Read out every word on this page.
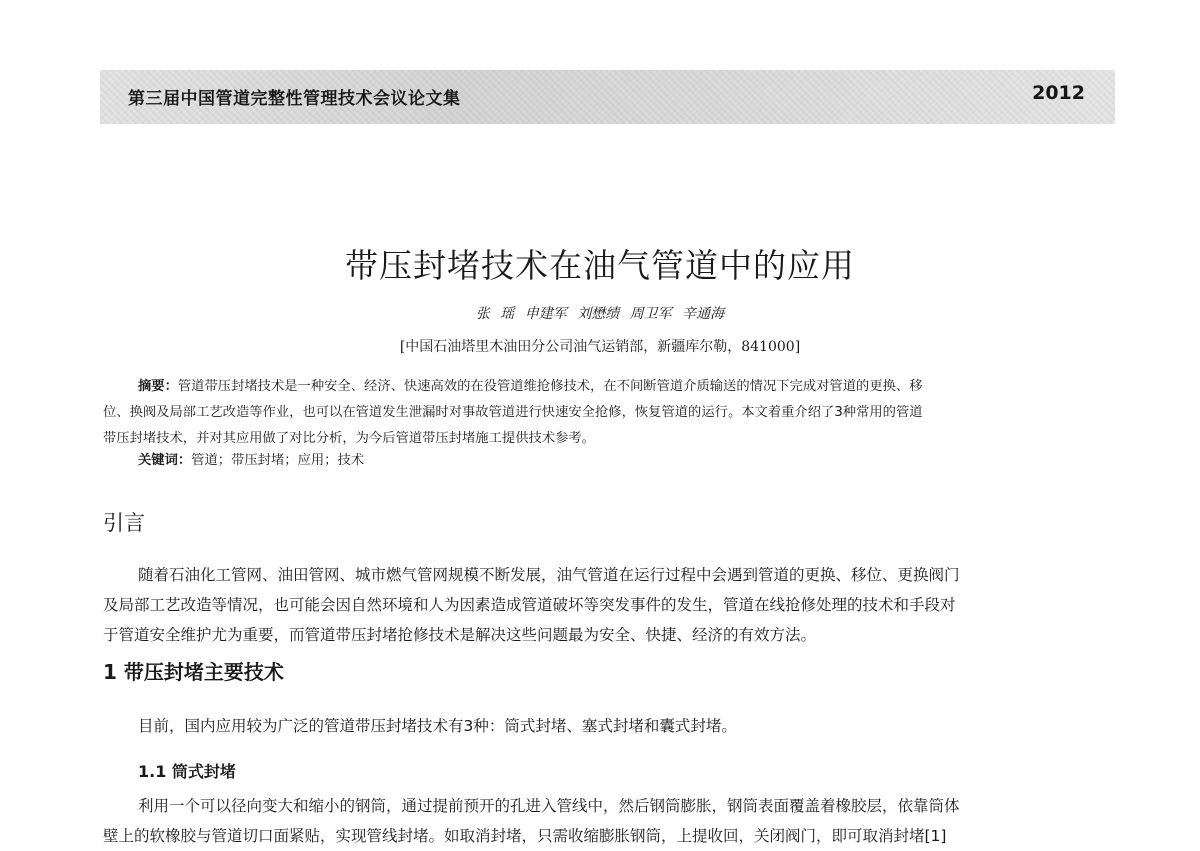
第三届中国管道完整性管理技术会议论文集	2012
带压封堵技术在油气管道中的应用
张 瑶 申建军 刘懋绩 周卫军 辛通海
[中国石油塔里木油田分公司油气运销部，新疆库尔勒，841000]
摘要：管道带压封堵技术是一种安全、经济、快速高效的在役管道维抢修技术，在不间断管道介质输送的情况下完成对管道的更换、移
位、换阀及局部工艺改造等作业，也可以在管道发生泄漏时对事故管道进行快速安全抢修，恢复管道的运行。本文着重介绍了3种常用的管道
带压封堵技术，并对其应用做了对比分析，为今后管道带压封堵施工提供技术参考。
关键词：管道；带压封堵；应用；技术
引言
随着石油化工管网、油田管网、城市燃气管网规模不断发展，油气管道在运行过程中会遇到管道的更换、移位、更换阀门
及局部工艺改造等情况，也可能会因自然环境和人为因素造成管道破坏等突发事件的发生，管道在线抢修处理的技术和手段对
于管道安全维护尤为重要，而管道带压封堵抢修技术是解决这些问题最为安全、快捷、经济的有效方法。
1 带压封堵主要技术
目前，国内应用较为广泛的管道带压封堵技术有3种：筒式封堵、塞式封堵和囊式封堵。
1.1 筒式封堵
利用一个可以径向变大和缩小的钢筒，通过提前预开的孔进入管线中，然后钢筒膨胀，钢筒表面覆盖着橡胶层，依靠筒体
壁上的软橡胶与管道切口面紧贴，实现管线封堵。如取消封堵，只需收缩膨胀钢筒，上提收回，关闭阀门，即可取消封堵[1]
